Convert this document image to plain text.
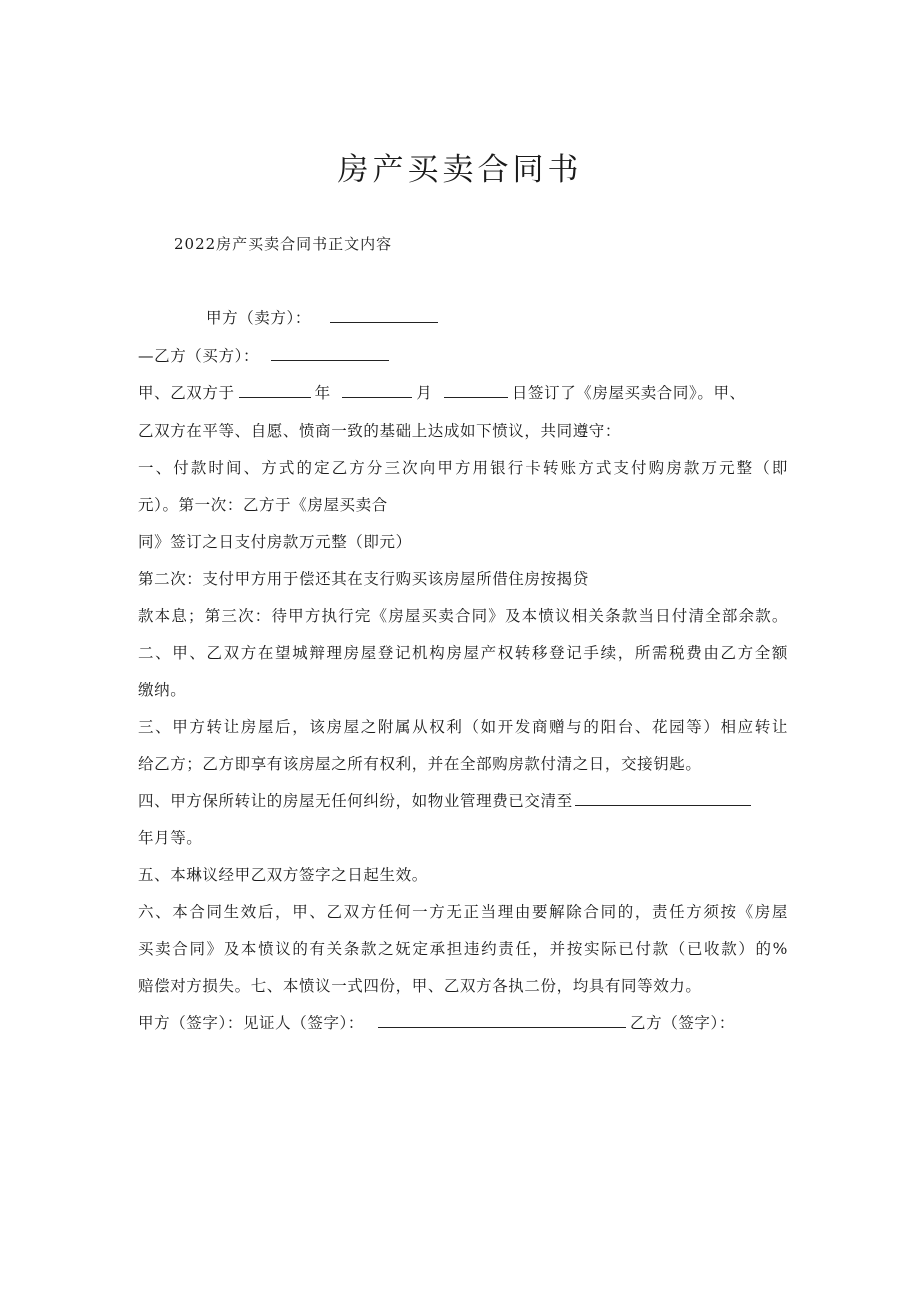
房产买卖合同书
2022房产买卖合同书正文内容
甲方（卖方）：
—乙方（买方）：
甲、乙双方于	年	月	日签订了《房屋买卖合同》。甲、
乙双方在平等、自愿、愤商一致的基础上达成如下愤议，共同遵守：
一、付款时间、方式的定乙方分三次向甲方用银行卡转账方式支付购房款万元整（即
元）。第一次：乙方于《房屋买卖合
同》签订之日支付房款万元整（即元）
第二次：支付甲方用于偿还其在支行购买该房屋所借住房按揭贷
款本息；第三次：待甲方执行完《房屋买卖合同》及本愤议相关条款当日付清全部余款。
二、甲、乙双方在望城辩理房屋登记机构房屋产权转移登记手续，所需税费由乙方全额
缴纳。
三、甲方转让房屋后，该房屋之附属从权利（如开发商赠与的阳台、花园等）相应转让
给乙方；乙方即享有该房屋之所有权利，并在全部购房款付清之日，交接钥匙。
四、甲方保所转让的房屋无任何纠纷，如物业管理费已交清至
年月等。
五、本琳议经甲乙双方签字之日起生效。
六、本合同生效后，甲、乙双方任何一方无正当理由要解除合同的，责任方须按《房屋
买卖合同》及本愤议的有关条款之妩定承担违约责任，并按实际已付款（已收款）的%
赔偿对方损失。七、本愤议一式四份，甲、乙双方各执二份，均具有同等效力。
甲方（签字）：见证人（签字）：	乙方（签字）：
